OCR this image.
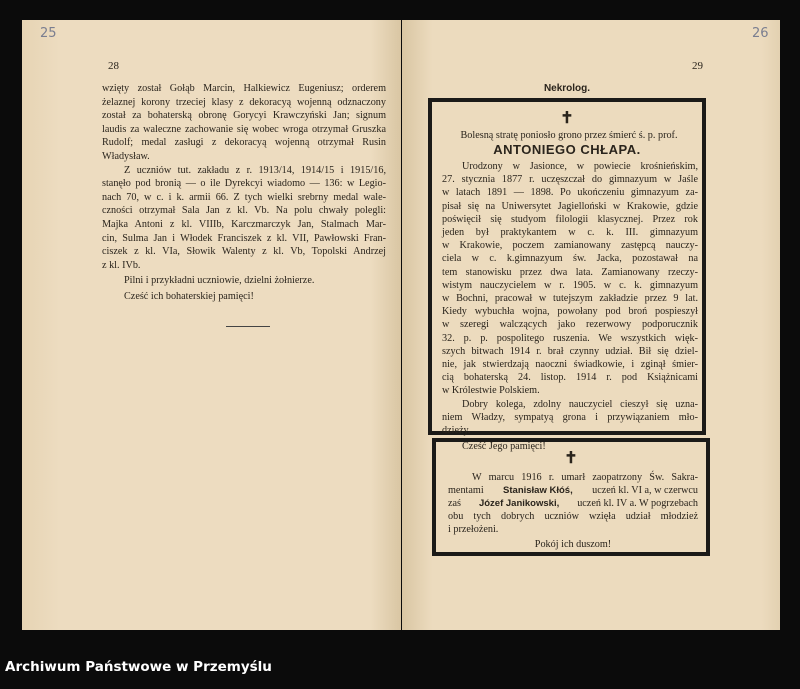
25
28
wzięty został Gołąb Marcin, Halkiewicz Eugeniusz; orderem
żelaznej korony trzeciej klasy z dekoracyą wojenną odznaczony
został za bohaterską obronę Gorycyi Krawczyński Jan; signum
laudis za waleczne zachowanie się wobec wroga otrzymał Gruszka
Rudolf; medal zasługi z dekoracyą wojenną otrzymał Rusin
Władysław.
Z uczniów tut. zakładu z r. 1913/14, 1914/15 i 1915/16,
stanęło pod bronią — o ile Dyrekcyi wiadomo — 136: w Legio-
nach 70, w c. i k. armii 66. Z tych wielki srebrny medal wale-
czności otrzymał Sala Jan z kl. Vb. Na polu chwały polegli:
Majka Antoni z kl. VIIIb, Karczmarczyk Jan, Stalmach Mar-
cin, Sulma Jan i Włodek Franciszek z kl. VII, Pawłowski Fran-
ciszek z kl. VIa, Słowik Walenty z kl. Vb, Topolski Andrzej
z kl. IVb.
Pilni i przykładni uczniowie, dzielni żołnierze.
Cześć ich bohaterskiej pamięci!
26
29
Nekrolog.
✝
Bolesną stratę poniosło grono przez śmierć ś. p. prof.
ANTONIEGO CHŁAPA.
Urodzony w Jasionce, w powiecie krośnieńskim,
27. stycznia 1877 r. uczęszczał do gimnazyum w Jaśle
w latach 1891 — 1898. Po ukończeniu gimnazyum za-
pisał się na Uniwersytet Jagielloński w Krakowie, gdzie
poświęcił się studyom filologii klasycznej. Przez rok
jeden był praktykantem w c. k. III. gimnazyum
w Krakowie, poczem zamianowany zastępcą nauczy-
ciela w c. k.gimnazyum św. Jacka, pozostawał na
tem stanowisku przez dwa lata. Zamianowany rzeczy-
wistym nauczycielem w r. 1905. w c. k. gimnazyum
w Bochni, pracował w tutejszym zakładzie przez 9 lat.
Kiedy wybuchła wojna, powołany pod broń pospieszył
w szeregi walczących jako rezerwowy podporucznik
32. p. p. pospolitego ruszenia. We wszystkich więk-
szych bitwach 1914 r. brał czynny udział. Bił się dziel-
nie, jak stwierdzają naoczni świadkowie, i zginął śmier-
cią bohaterską 24. listop. 1914 r. pod Książnicami
w Królestwie Polskiem.
Dobry kolega, zdolny nauczyciel cieszył się uzna-
niem Władzy, sympatyą grona i przywiązaniem mło-
dzieży.
Cześć Jego pamięci!
✝
W marcu 1916 r. umarł zaopatrzony Św. Sakra-
mentami Stanisław Kłóś, uczeń kl. VI a, w czerwcu
zaś Józef Janikowski, uczeń kl. IV a. W pogrzebach
obu tych dobrych uczniów wzięła udział młodzież
i przełożeni.
Pokój ich duszom!
Archiwum Państwowe w Przemyślu
